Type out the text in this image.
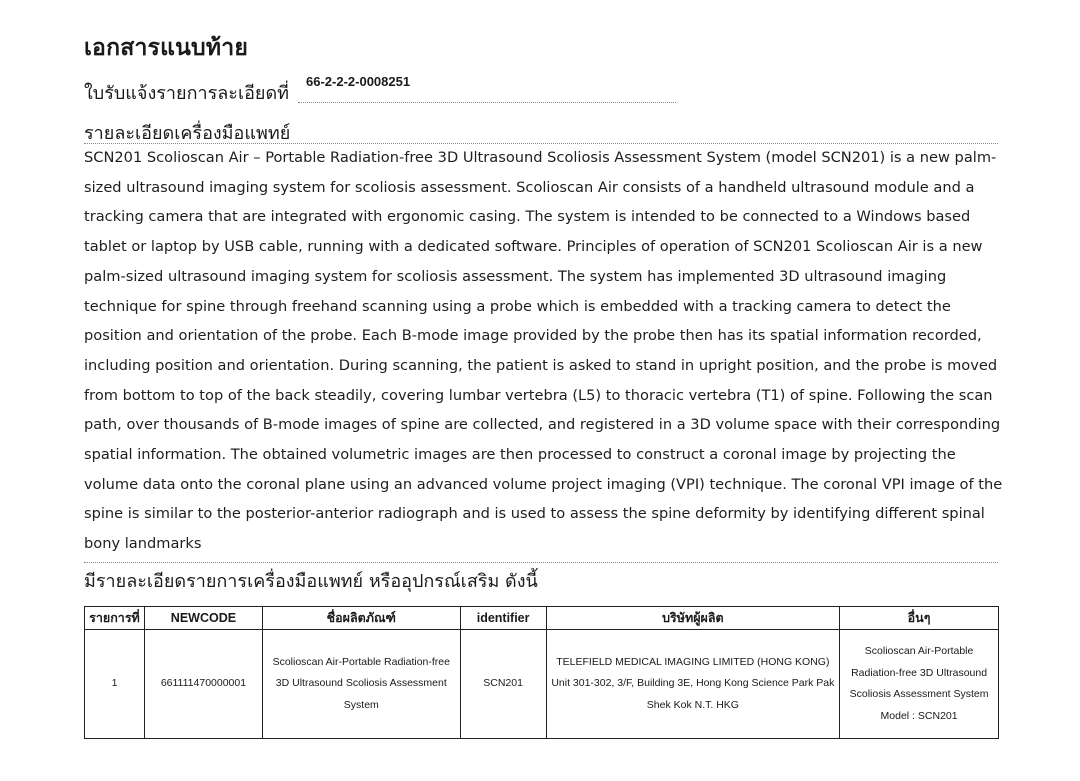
เอกสารแนบท้าย
ใบรับแจ้งรายการละเอียดที่
66-2-2-2-0008251
รายละเอียดเครื่องมือแพทย์

SCN201 Scolioscan Air – Portable Radiation-free 3D Ultrasound Scoliosis Assessment System (model SCN201) is a new palm-sized ultrasound imaging system for scoliosis assessment. Scolioscan Air consists of a handheld ultrasound module and a tracking camera that are integrated with ergonomic casing. The system is intended to be connected to a Windows based tablet or laptop by USB cable, running with a dedicated software. Principles of operation of SCN201 Scolioscan Air is a new palm-sized ultrasound imaging system for scoliosis assessment. The system has implemented 3D ultrasound imaging technique for spine through freehand scanning using a probe which is embedded with a tracking camera to detect the position and orientation of the probe. Each B-mode image provided by the probe then has its spatial information recorded, including position and orientation. During scanning, the patient is asked to stand in upright position, and the probe is moved from bottom to top of the back steadily, covering lumbar vertebra (L5) to thoracic vertebra (T1) of spine. Following the scan path, over thousands of B-mode images of spine are collected, and registered in a 3D volume space with their corresponding spatial information. The obtained volumetric images are then processed to construct a coronal image by projecting the volume data onto the coronal plane using an advanced volume project imaging (VPI) technique. The coronal VPI image of the spine is similar to the posterior-anterior radiograph and is used to assess the spine deformity by identifying different spinal bony landmarks

มีรายละเอียดรายการเครื่องมือแพทย์ หรืออุปกรณ์เสริม ดังนี้
รายการที่	NEWCODE	ชื่อผลิตภัณฑ์	identifier	บริษัทผู้ผลิต	อื่นๆ
1	661111470000001	Scolioscan Air-Portable Radiation-free 3D Ultrasound Scoliosis Assessment System	SCN201	TELEFIELD MEDICAL IMAGING LIMITED (HONG KONG) Unit 301-302, 3/F, Building 3E, Hong Kong Science Park Pak Shek Kok N.T. HKG	Scolioscan Air-Portable Radiation-free 3D Ultrasound Scoliosis Assessment System Model : SCN201
